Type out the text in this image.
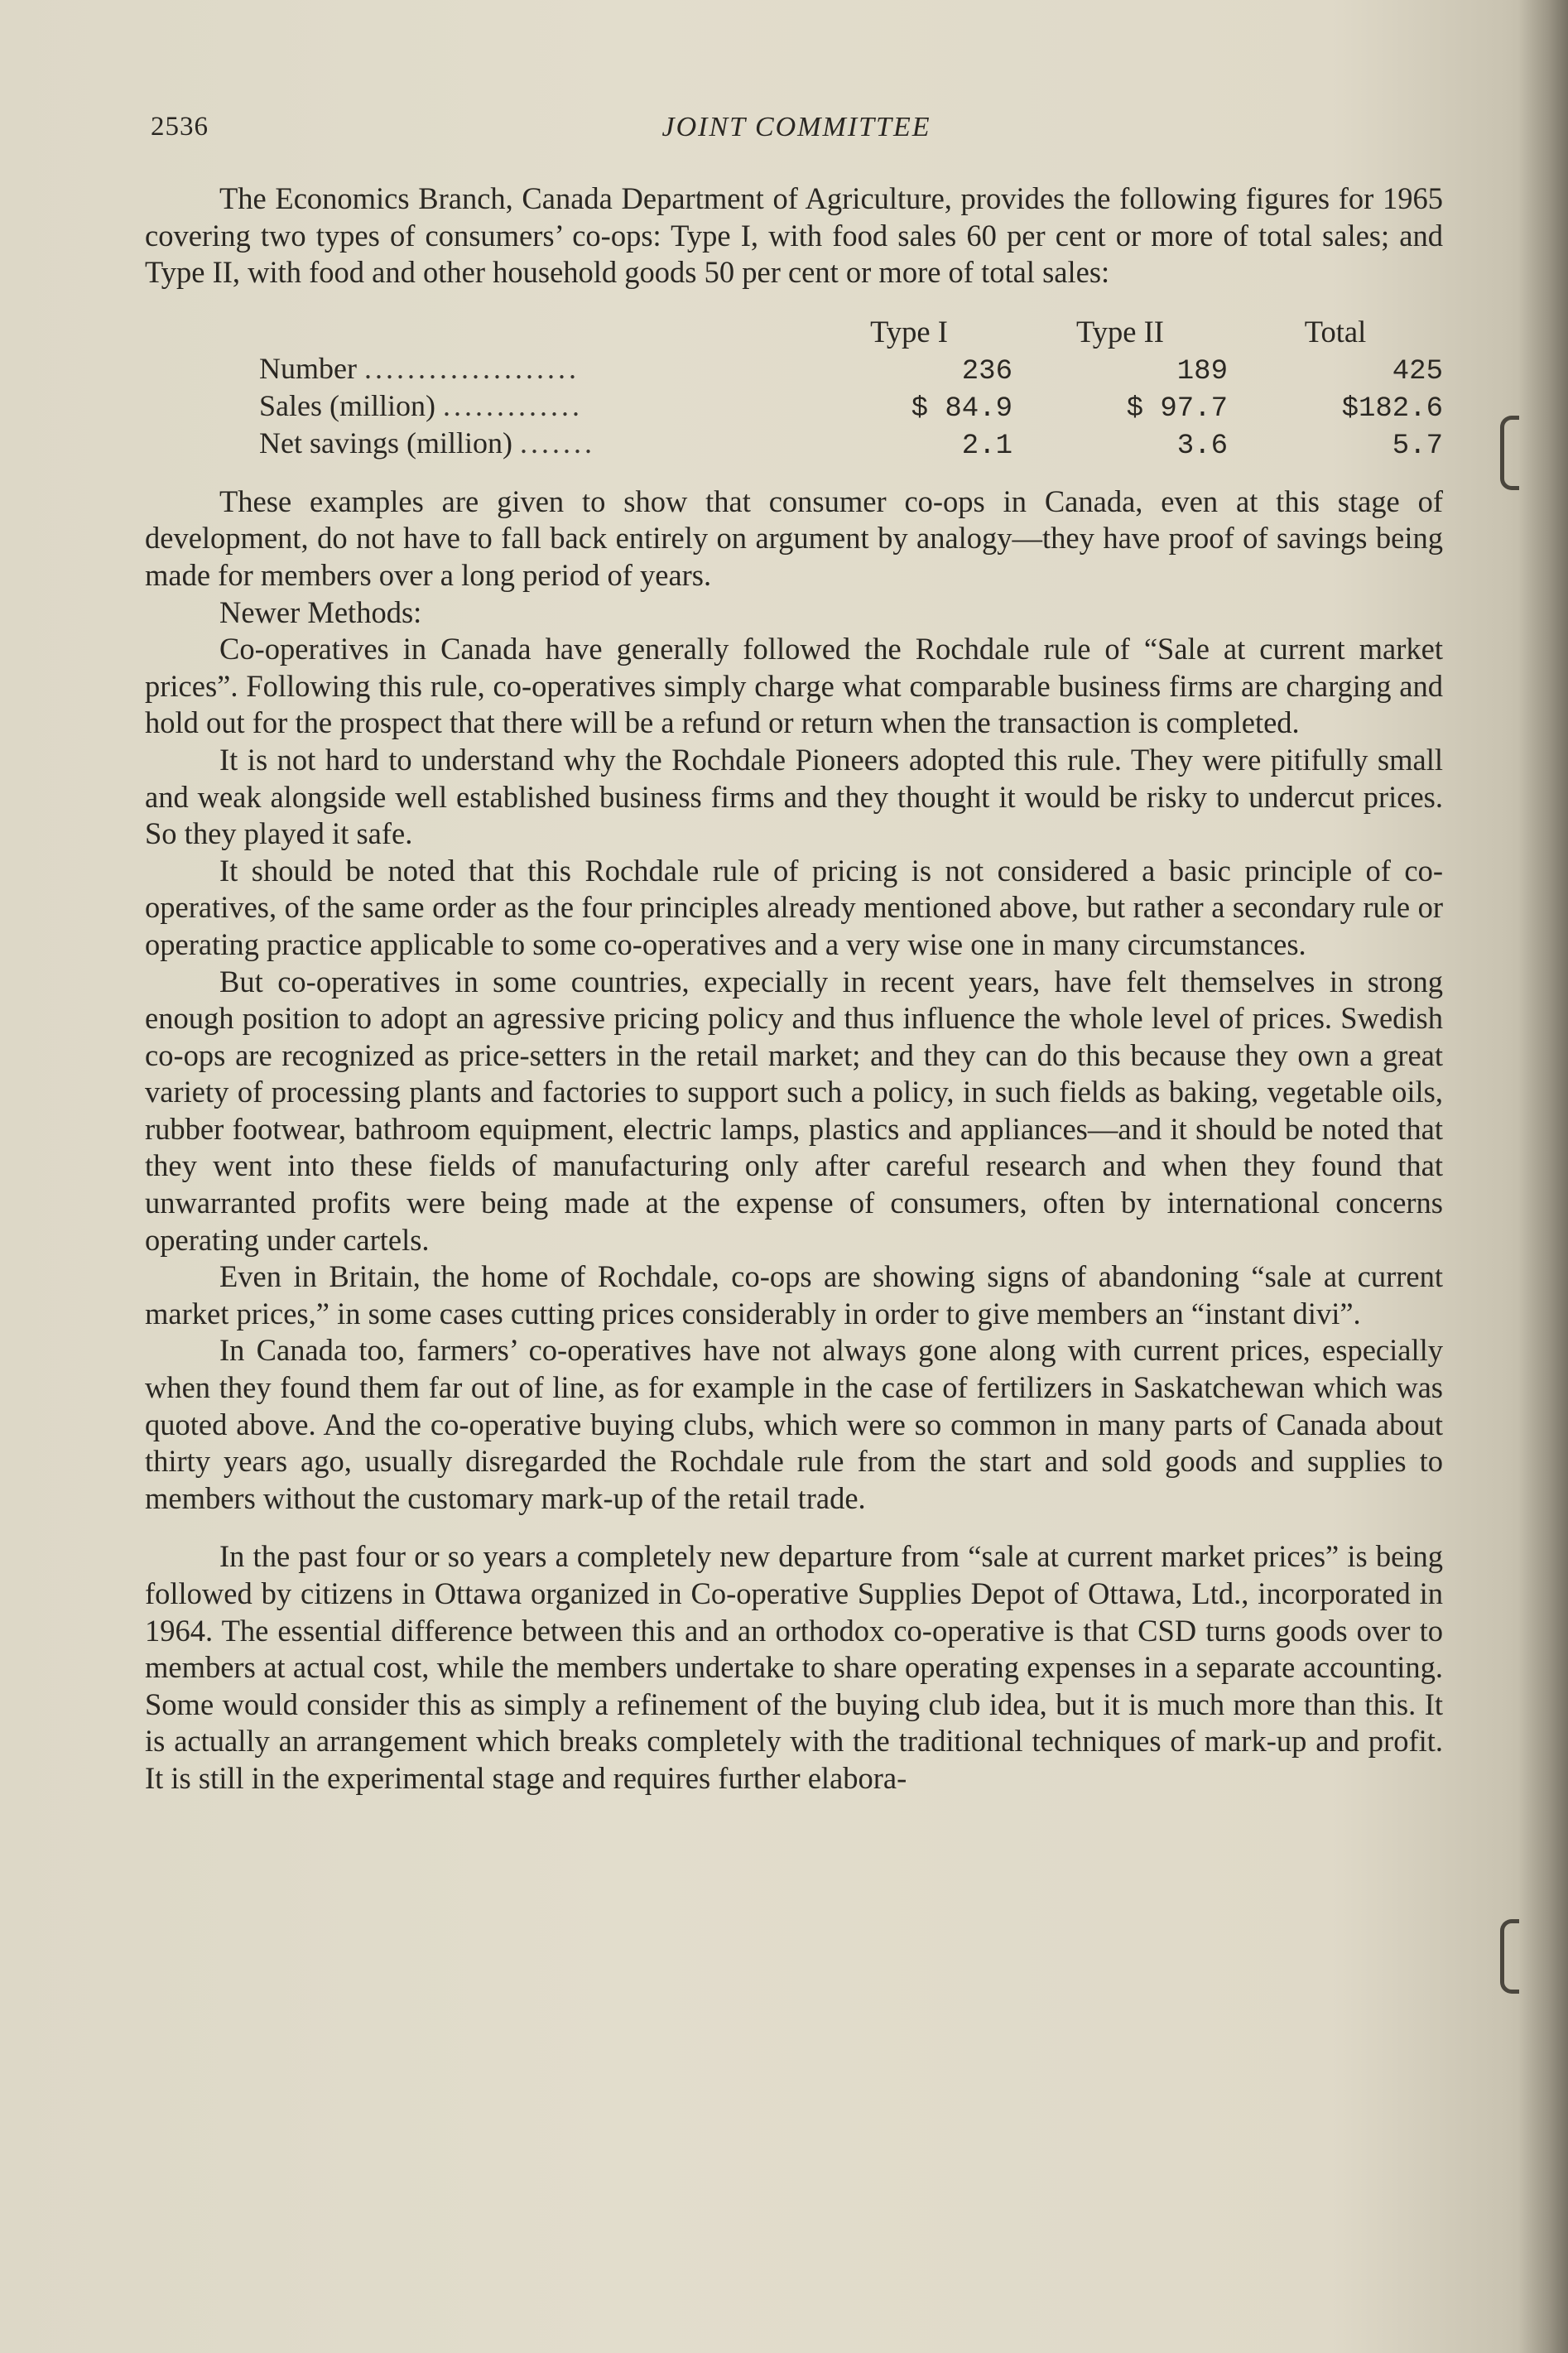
2536	JOINT COMMITTEE

The Economics Branch, Canada Department of Agriculture, provides the following figures for 1965 covering two types of consumers’ co-ops: Type I, with food sales 60 per cent or more of total sales; and Type II, with food and other household goods 50 per cent or more of total sales:

Type I	Type II	Total
Number ....................	236	189	425
Sales (million) .............	$ 84.9	$ 97.7	$182.6
Net savings (million) .......	2.1	3.6	5.7

These examples are given to show that consumer co-ops in Canada, even at this stage of development, do not have to fall back entirely on argument by analogy—they have proof of savings being made for members over a long period of years.

Newer Methods:

Co-operatives in Canada have generally followed the Rochdale rule of “Sale at current market prices”. Following this rule, co-operatives simply charge what comparable business firms are charging and hold out for the prospect that there will be a refund or return when the transaction is completed.

It is not hard to understand why the Rochdale Pioneers adopted this rule. They were pitifully small and weak alongside well established business firms and they thought it would be risky to undercut prices. So they played it safe.

It should be noted that this Rochdale rule of pricing is not considered a basic principle of co-operatives, of the same order as the four principles already mentioned above, but rather a secondary rule or operating practice applicable to some co-operatives and a very wise one in many circumstances.

But co-operatives in some countries, expecially in recent years, have felt themselves in strong enough position to adopt an agressive pricing policy and thus influence the whole level of prices. Swedish co-ops are recognized as price-setters in the retail market; and they can do this because they own a great variety of processing plants and factories to support such a policy, in such fields as baking, vegetable oils, rubber footwear, bathroom equipment, electric lamps, plastics and appliances—and it should be noted that they went into these fields of manufacturing only after careful research and when they found that unwarranted profits were being made at the expense of consumers, often by international concerns operating under cartels.

Even in Britain, the home of Rochdale, co-ops are showing signs of abandoning “sale at current market prices,” in some cases cutting prices considerably in order to give members an “instant divi”.

In Canada too, farmers’ co-operatives have not always gone along with current prices, especially when they found them far out of line, as for example in the case of fertilizers in Saskatchewan which was quoted above. And the co-operative buying clubs, which were so common in many parts of Canada about thirty years ago, usually disregarded the Rochdale rule from the start and sold goods and supplies to members without the customary mark-up of the retail trade.

In the past four or so years a completely new departure from “sale at current market prices” is being followed by citizens in Ottawa organized in Co-operative Supplies Depot of Ottawa, Ltd., incorporated in 1964. The essential difference between this and an orthodox co-operative is that CSD turns goods over to members at actual cost, while the members undertake to share operating expenses in a separate accounting. Some would consider this as simply a refinement of the buying club idea, but it is much more than this. It is actually an arrangement which breaks completely with the traditional techniques of mark-up and profit. It is still in the experimental stage and requires further elabora-
